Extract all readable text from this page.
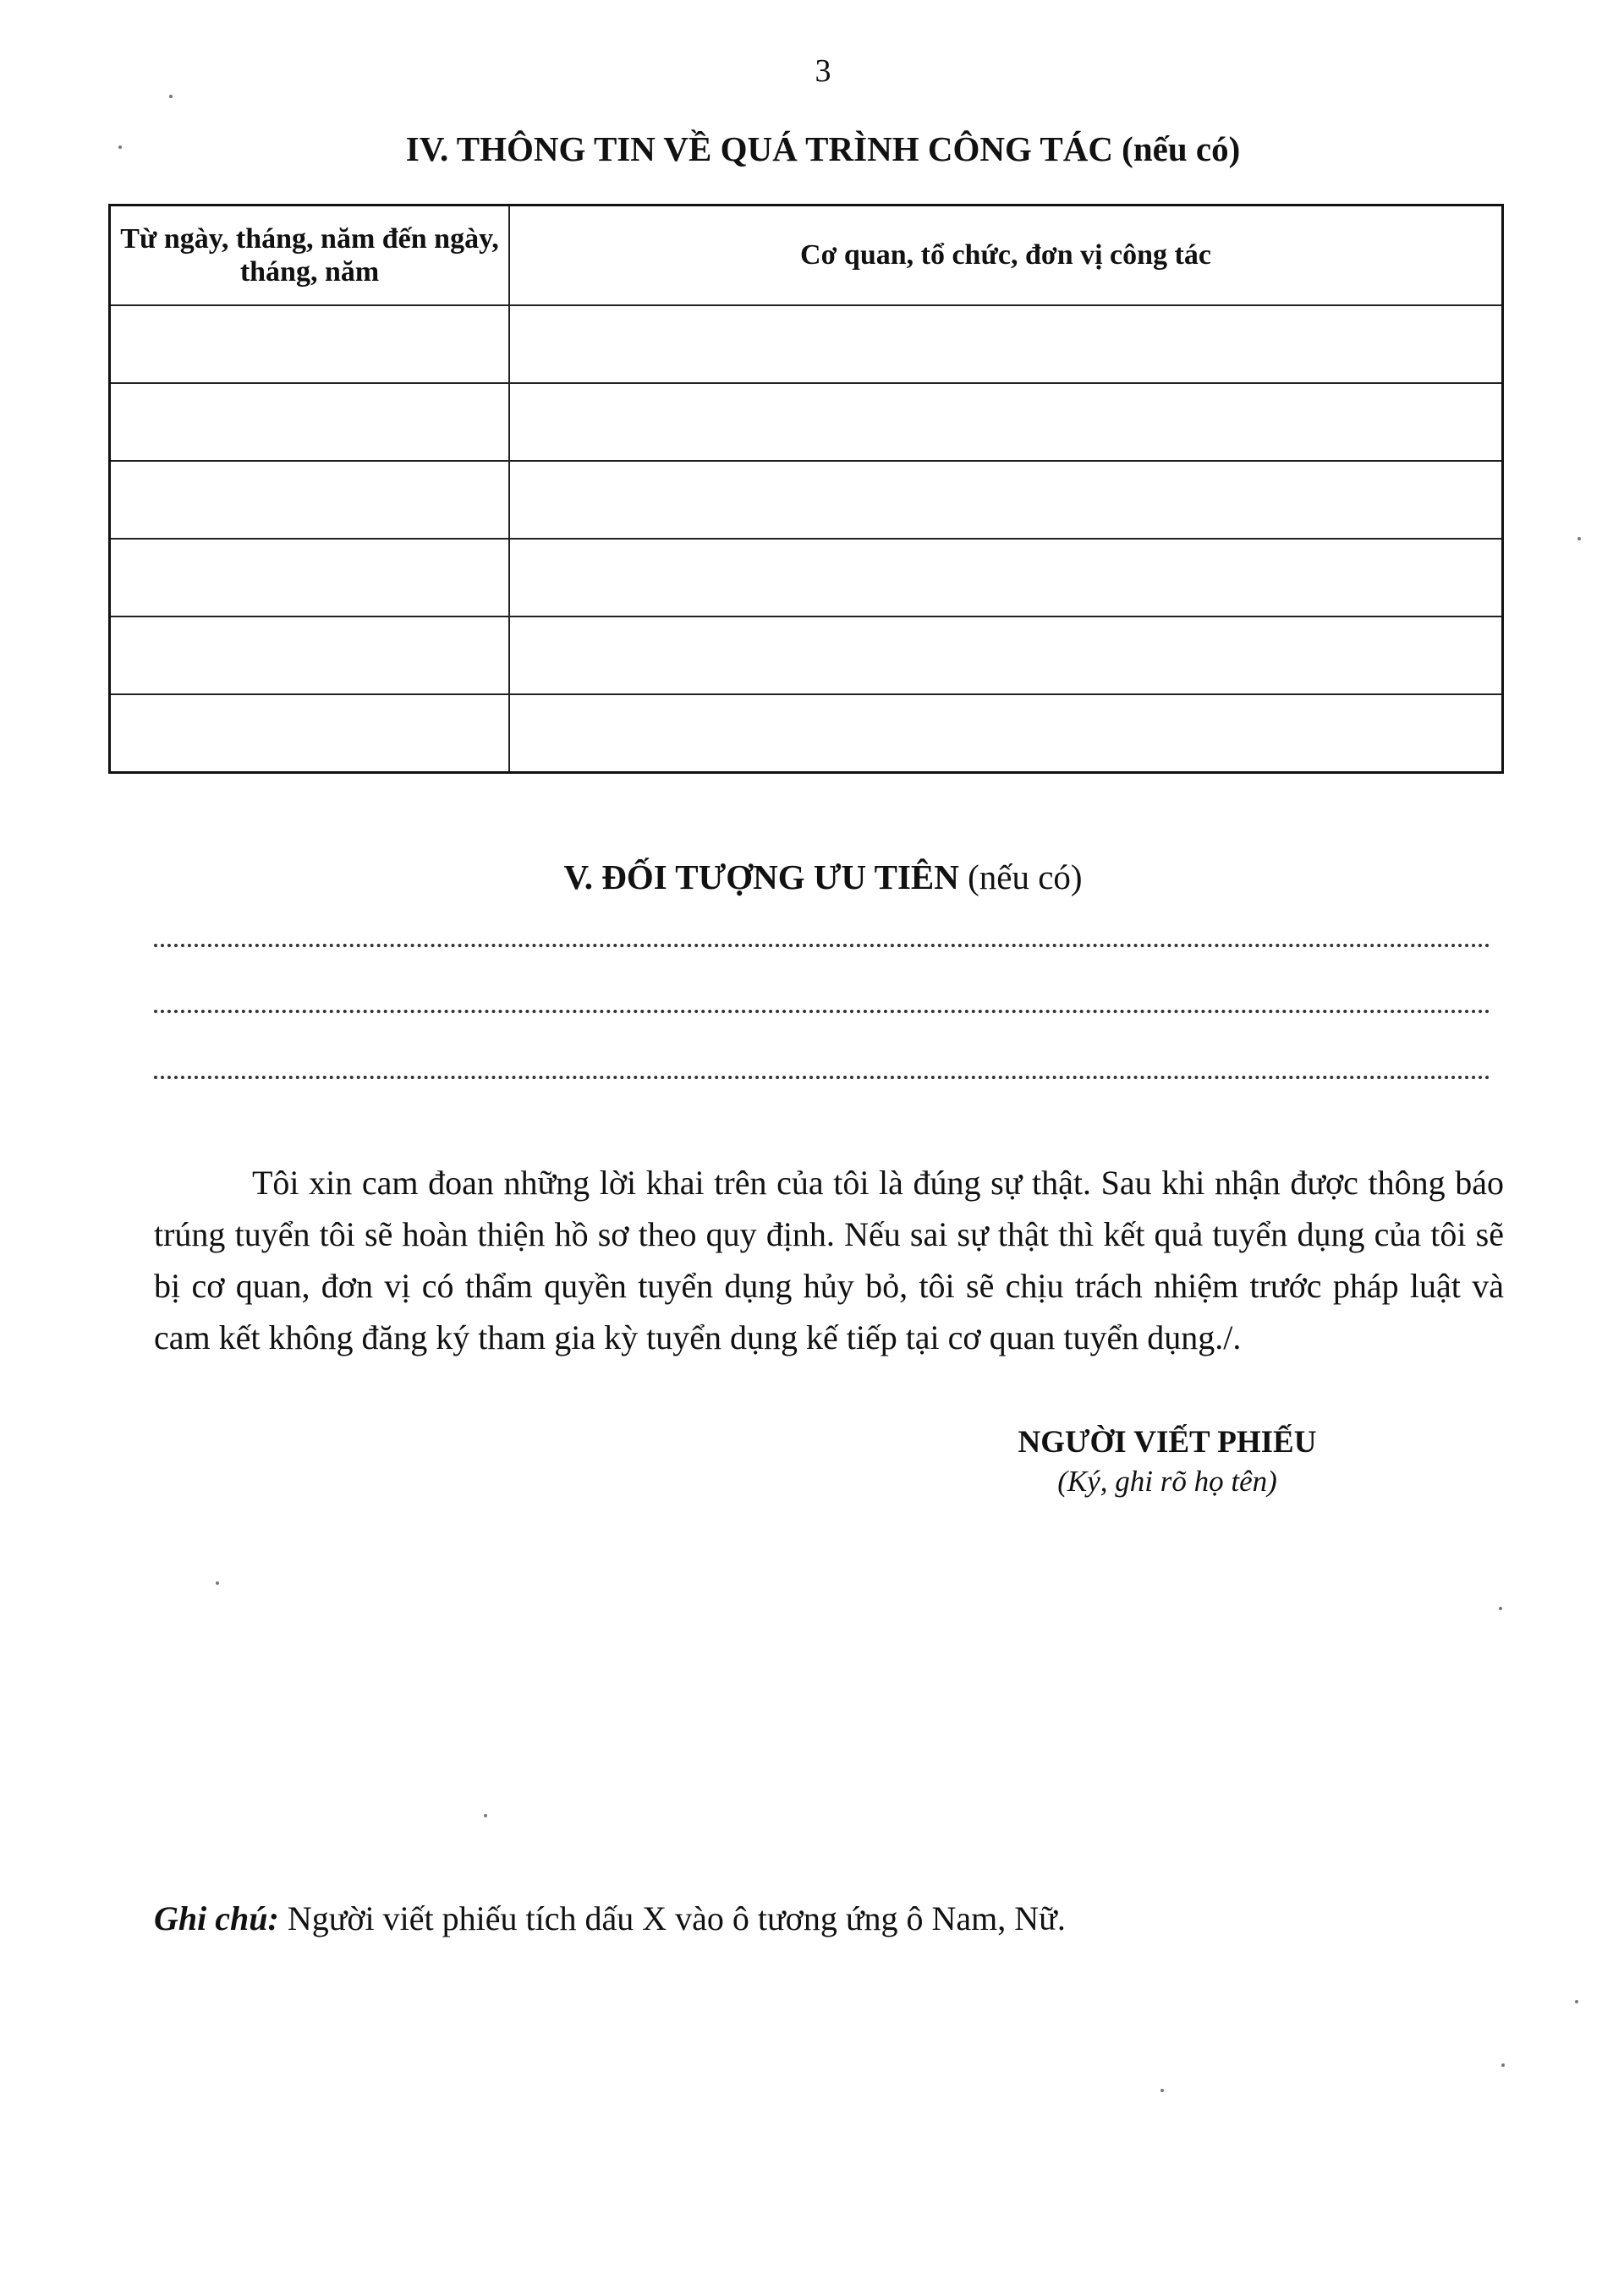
3
IV. THÔNG TIN VỀ QUÁ TRÌNH CÔNG TÁC (nếu có)
Từ ngày, tháng, năm đến ngày, tháng, năm	Cơ quan, tổ chức, đơn vị công tác

V. ĐỐI TƯỢNG ƯU TIÊN (nếu có)
Tôi xin cam đoan những lời khai trên của tôi là đúng sự thật. Sau khi nhận được thông báo trúng tuyển tôi sẽ hoàn thiện hồ sơ theo quy định. Nếu sai sự thật thì kết quả tuyển dụng của tôi sẽ bị cơ quan, đơn vị có thẩm quyền tuyển dụng hủy bỏ, tôi sẽ chịu trách nhiệm trước pháp luật và cam kết không đăng ký tham gia kỳ tuyển dụng kế tiếp tại cơ quan tuyển dụng./.
NGƯỜI VIẾT PHIẾU
(Ký, ghi rõ họ tên)
Ghi chú: Người viết phiếu tích dấu X vào ô tương ứng ô Nam, Nữ.
